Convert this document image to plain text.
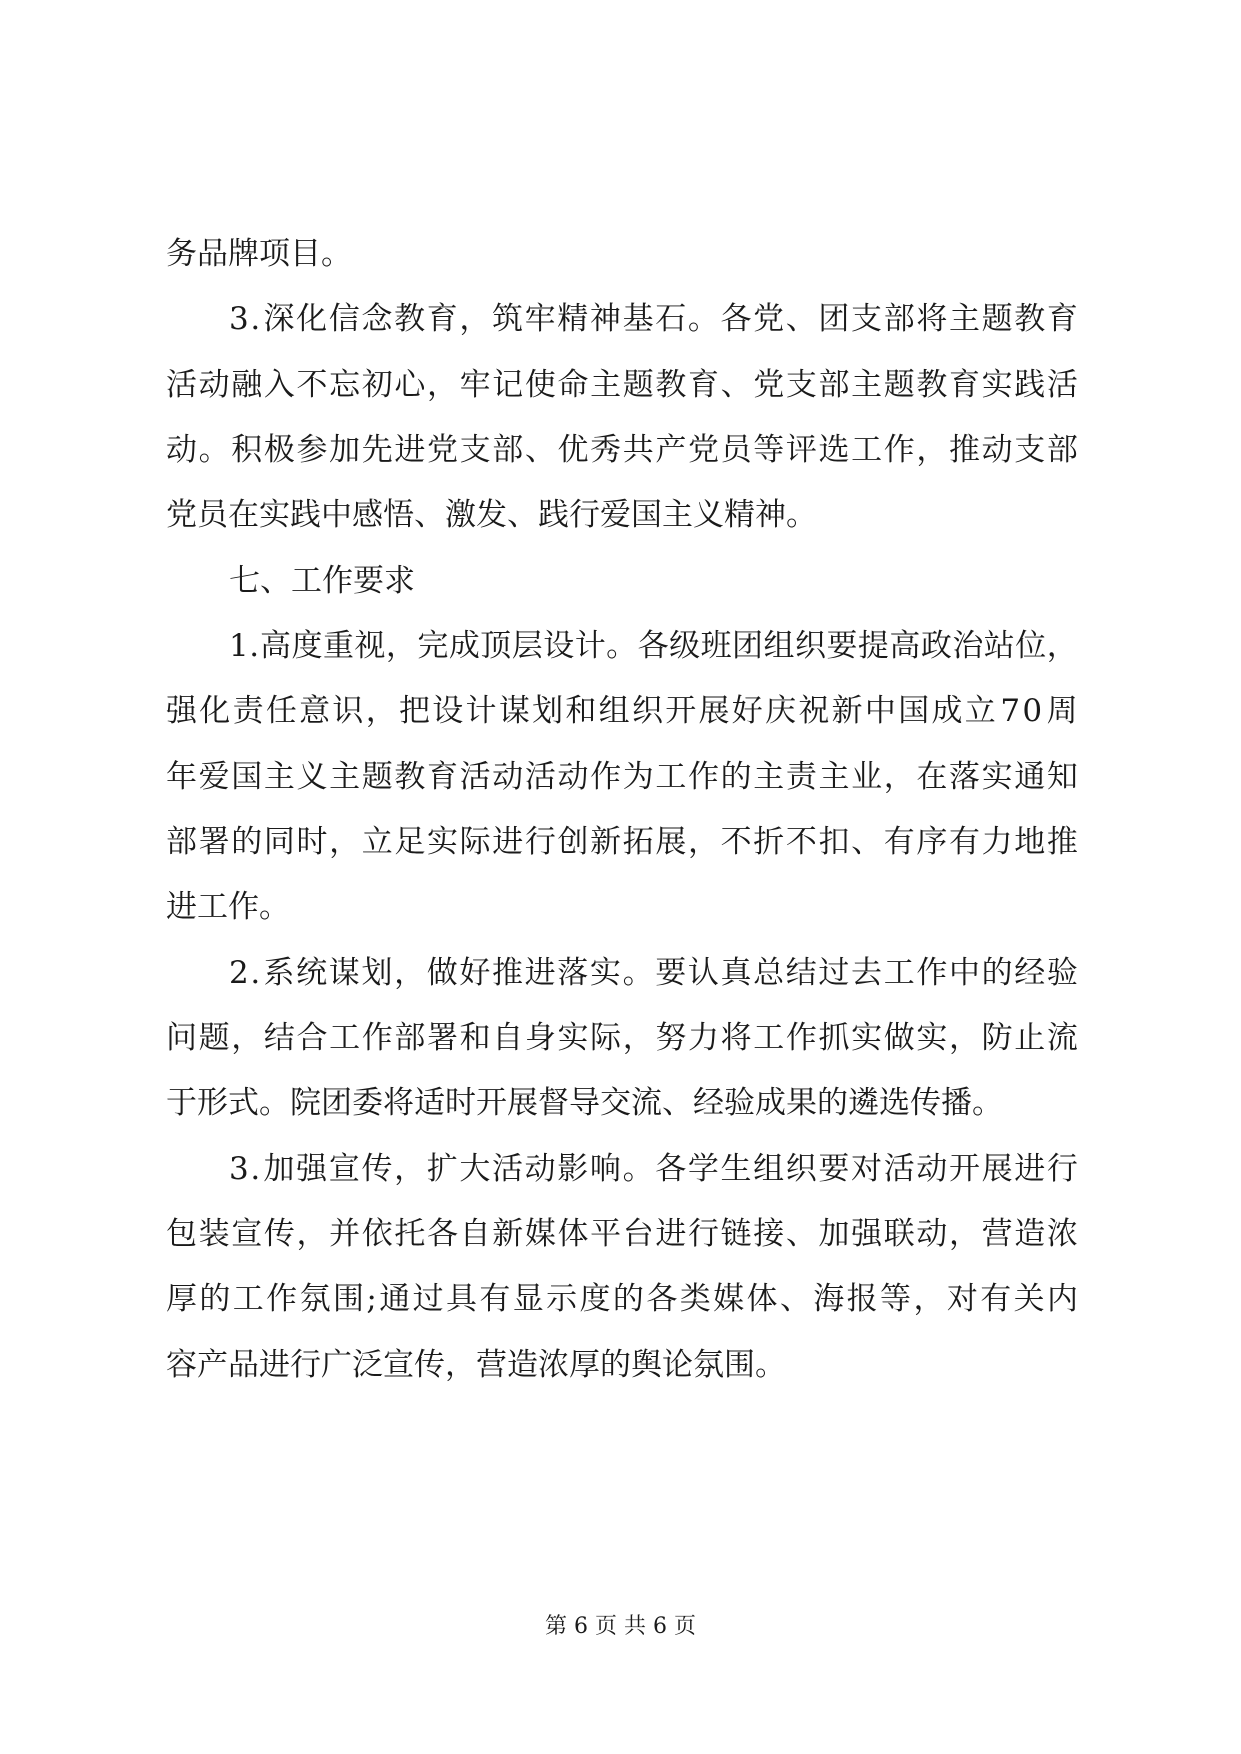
务品牌项目。
3 . 深 化 信 念 教 育 ， 筑 牢 精 神 基 石 。 各 党 、 团 支 部 将 主 题 教 育
活 动 融 入 不 忘 初 心 ， 牢 记 使 命 主 题 教 育 、 党 支 部 主 题 教 育 实 践 活
动 。 积 极 参 加 先 进 党 支 部 、 优 秀 共 产 党 员 等 评 选 工 作 ， 推 动 支 部
党员在实践中感悟、激发、践行爱国主义精神。
七、工作要求
1 . 高 度 重 视 ， 完 成 顶 层 设 计 。 各 级 班 团 组 织 要 提 高 政 治 站 位 ，
强 化 责 任 意 识 ， 把 设 计 谋 划 和 组 织 开 展 好 庆 祝 新 中 国 成 立 7 0 周
年 爱 国 主 义 主 题 教 育 活 动 活 动 作 为 工 作 的 主 责 主 业 ， 在 落 实 通 知
部 署 的 同 时 ， 立 足 实 际 进 行 创 新 拓 展 ， 不 折 不 扣 、 有 序 有 力 地 推
进工作。
2 . 系 统 谋 划 ， 做 好 推 进 落 实 。 要 认 真 总 结 过 去 工 作 中 的 经 验
问 题 ， 结 合 工 作 部 署 和 自 身 实 际 ， 努 力 将 工 作 抓 实 做 实 ， 防 止 流
于形式。院团委将适时开展督导交流、经验成果的遴选传播。
3 . 加 强 宣 传 ， 扩 大 活 动 影 响 。 各 学 生 组 织 要 对 活 动 开 展 进 行
包 装 宣 传 ， 并 依 托 各 自 新 媒 体 平 台 进 行 链 接 、 加 强 联 动 ， 营 造 浓
厚 的 工 作 氛 围 ; 通 过 具 有 显 示 度 的 各 类 媒 体 、 海 报 等 ， 对 有 关 内
容产品进行广泛宣传，营造浓厚的舆论氛围。
第 6 页 共 6 页
